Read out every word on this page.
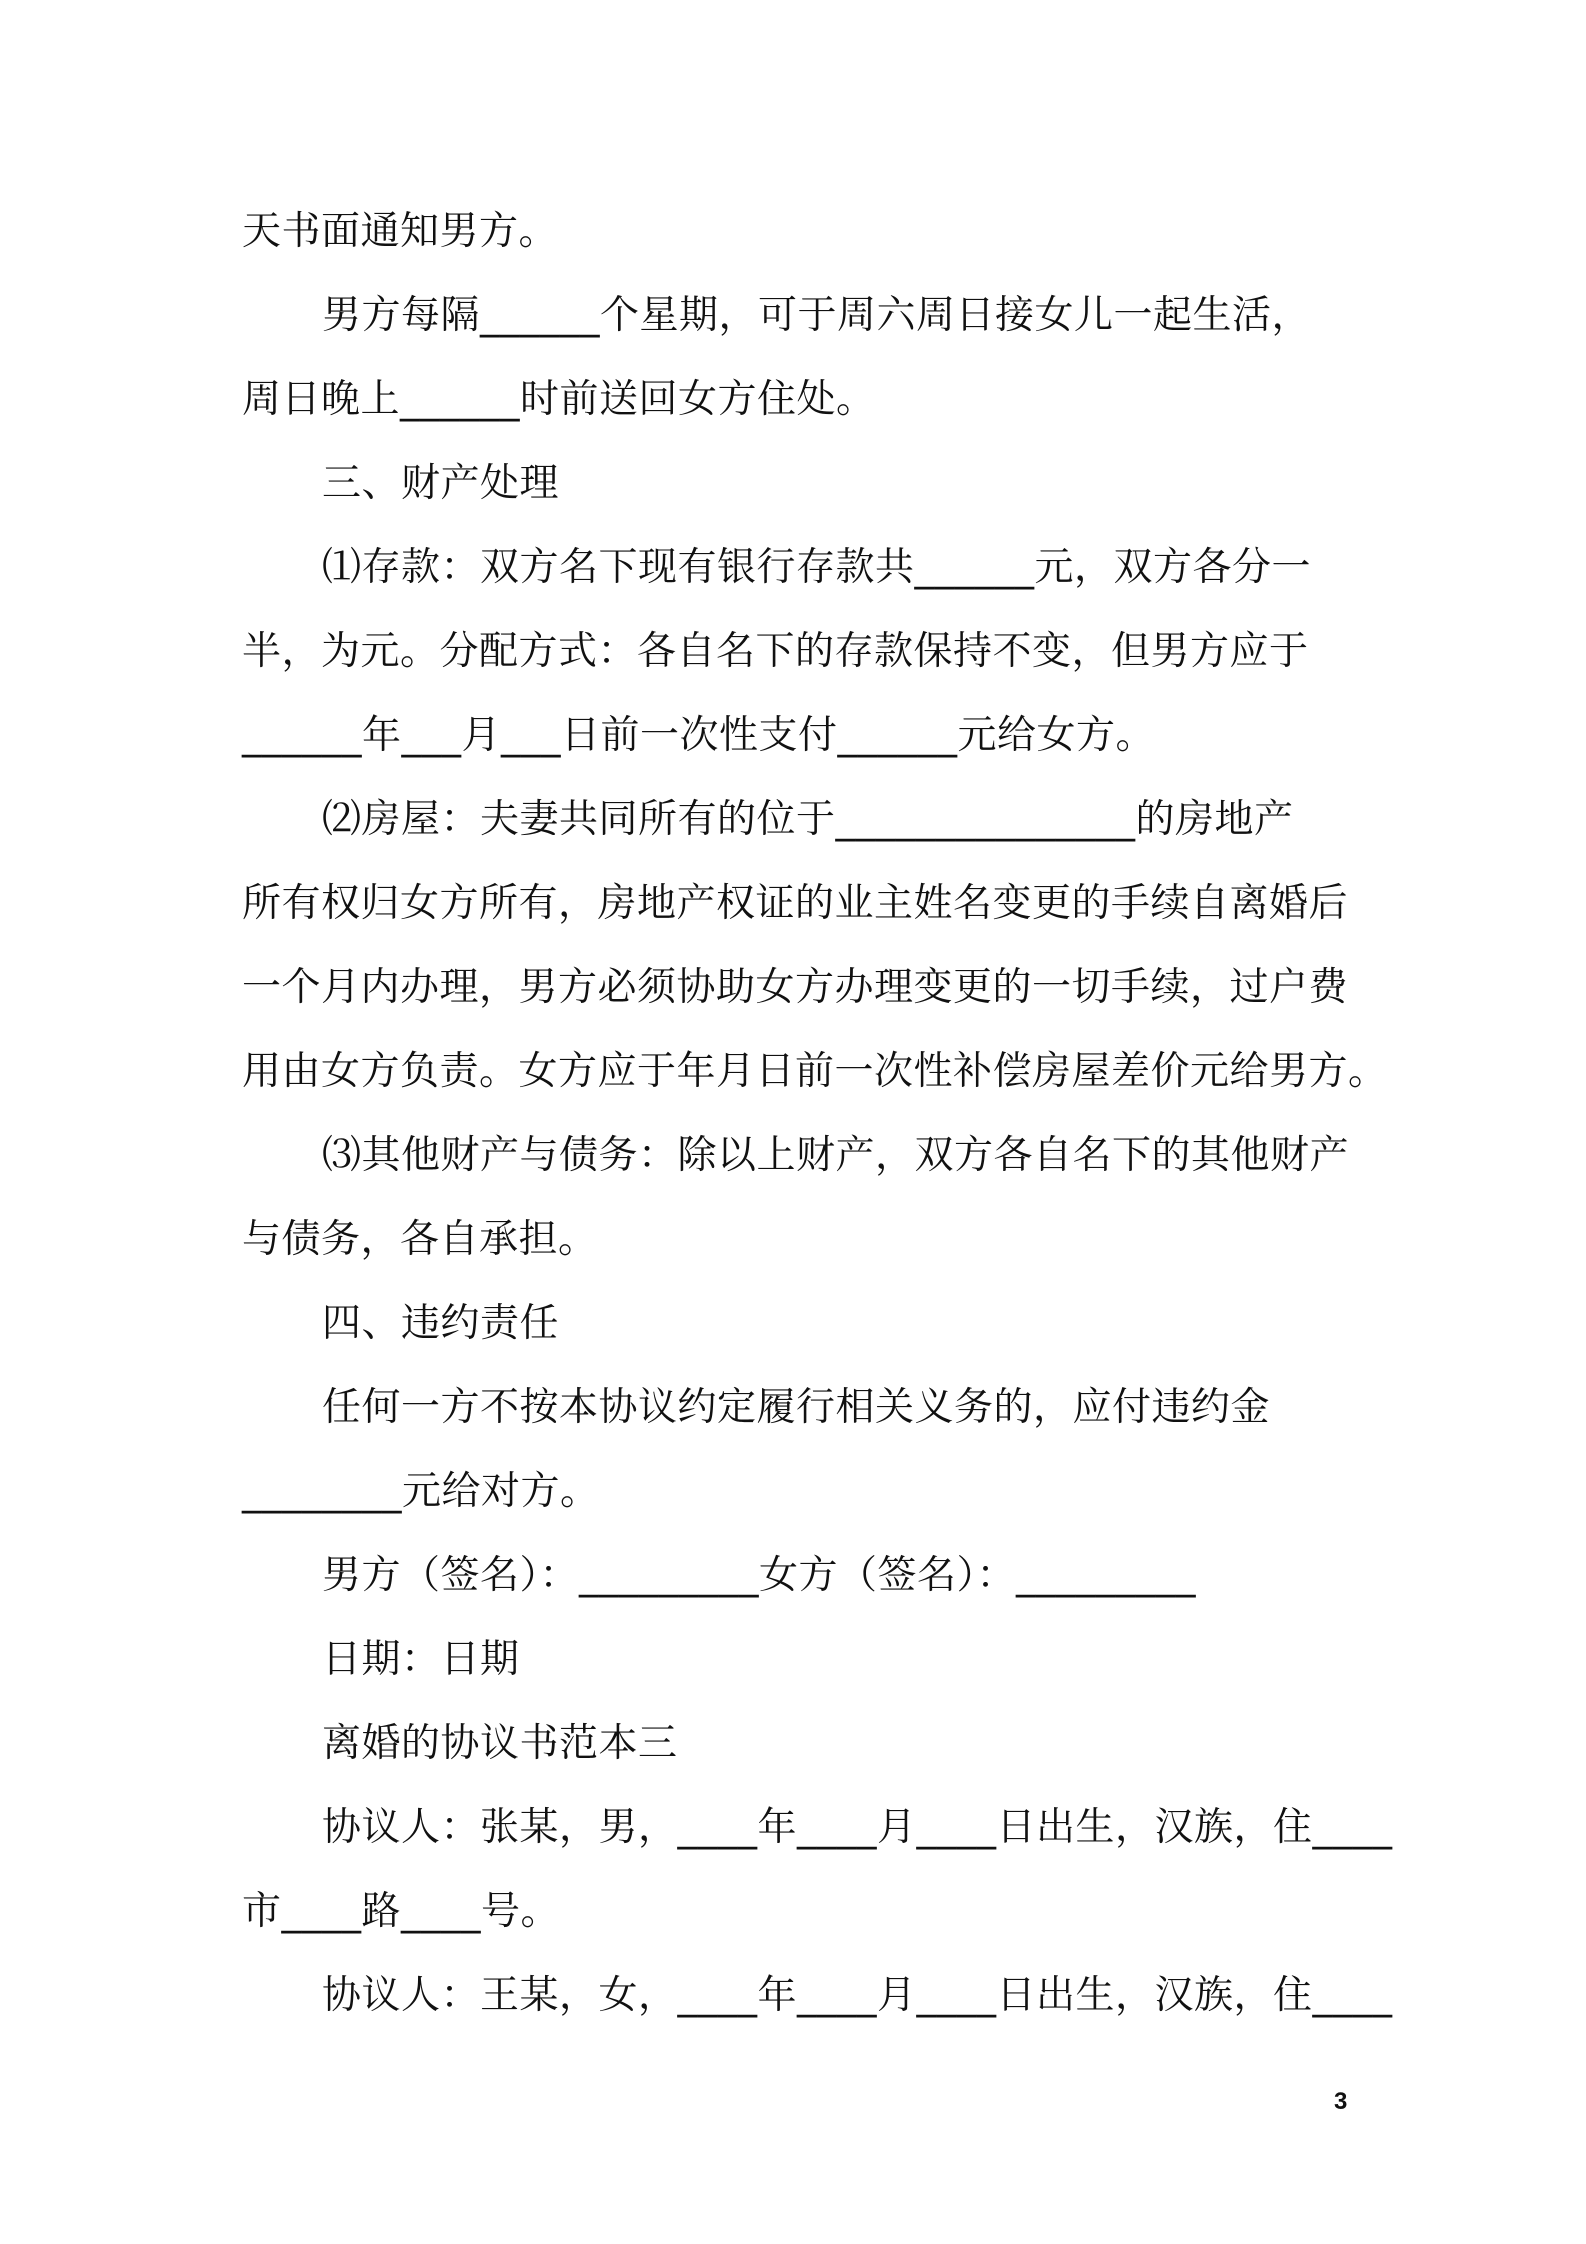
天书面通知男方。
男方每隔______个星期，可于周六周日接女儿一起生活，
周日晚上______时前送回女方住处。
三、财产处理
⑴存款：双方名下现有银行存款共______元，双方各分一
半，为元。分配方式：各自名下的存款保持不变，但男方应于
______年___月___日前一次性支付______元给女方。
⑵房屋：夫妻共同所有的位于_______________的房地产
所有权归女方所有，房地产权证的业主姓名变更的手续自离婚后
一个月内办理，男方必须协助女方办理变更的一切手续，过户费
用由女方负责。女方应于年月日前一次性补偿房屋差价元给男方。
⑶其他财产与债务：除以上财产，双方各自名下的其他财产
与债务，各自承担。
四、违约责任
任何一方不按本协议约定履行相关义务的，应付违约金
________元给对方。
男方（签名）：_________女方（签名）：_________
日期：日期
离婚的协议书范本三
协议人：张某，男，____年____月____日出生，汉族，住____
市____路____号。
协议人：王某，女，____年____月____日出生，汉族，住____
3
